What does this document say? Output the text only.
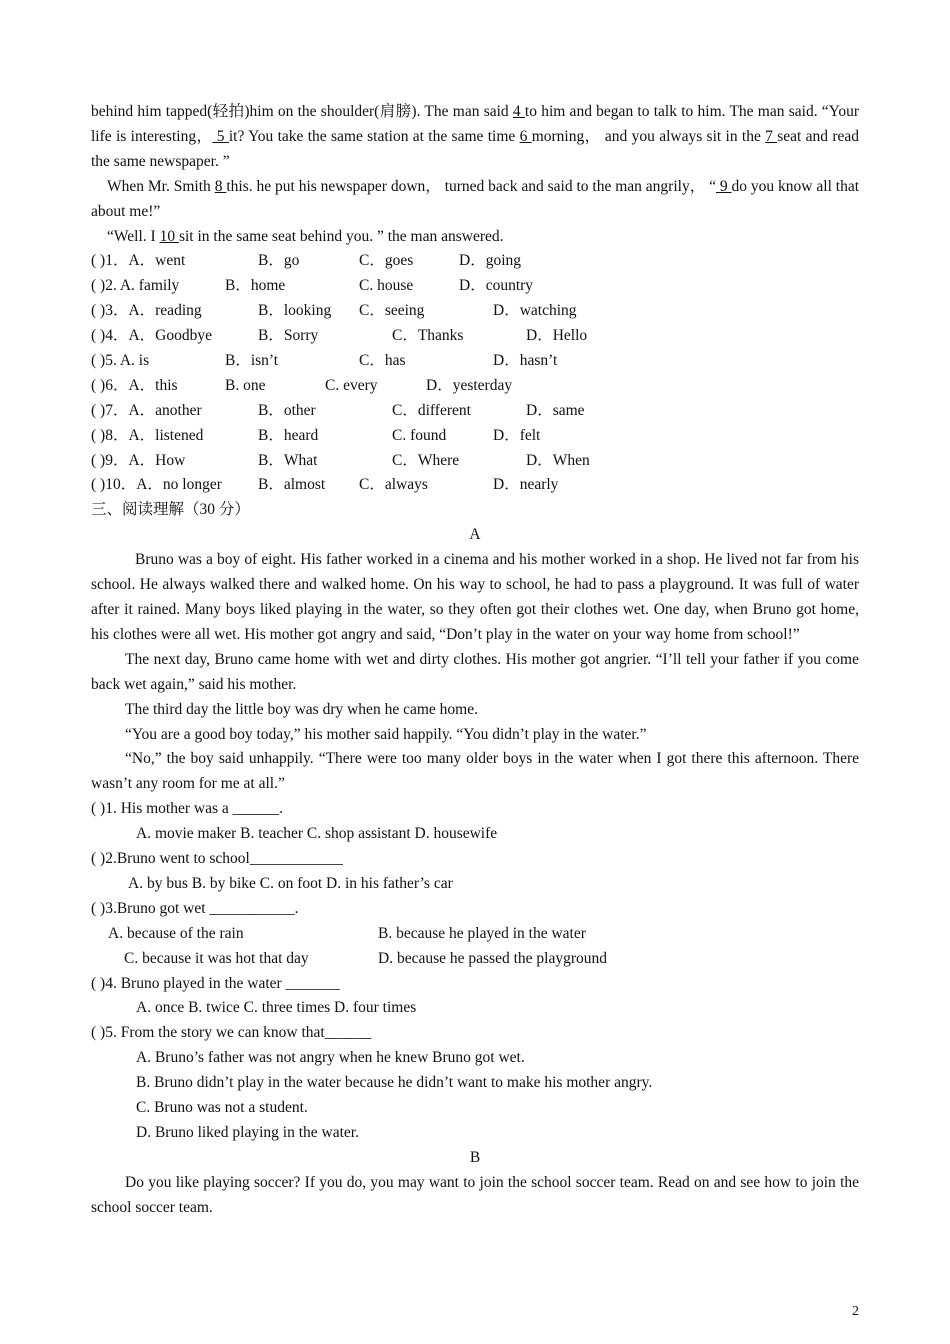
behind him tapped(轻拍)him on the shoulder(肩膀). The man said 4 to him and began to talk to him. The man said. “Your life is interesting， 5 it? You take the same station at the same time 6 morning， and you always sit in the 7 seat and read the same newspaper. ”

When Mr. Smith 8 this. he put his newspaper down， turned back and said to the man angrily， “ 9 do you know all that about me!”

“Well. I 10 sit in the same seat behind you. ” the man answered.

( )1．A．went	B．go	C．goes	D．going
( )2. A. family	B．home	C. house	D．country
( )3．A．reading	B．looking C．seeing	D．watching
( )4．A．Goodbye	B．Sorry	C．Thanks	D．Hello
( )5. A. is	B．isn’t	C．has	D．hasn’t
( )6．A．this	B. one	C. every	D．yesterday
( )7．A．another	B．other	C．different	D．same
( )8．A．listened	B．heard	C. found	D．felt
( )9．A．How	B．What	C．Where	D．When
( )10．A．no longer B．almost C．always	D．nearly

三、阅读理解（30 分）

A

Bruno was a boy of eight. His father worked in a cinema and his mother worked in a shop. He lived not far from his school. He always walked there and walked home. On his way to school, he had to pass a playground. It was full of water after it rained. Many boys liked playing in the water, so they often got their clothes wet. One day, when Bruno got home, his clothes were all wet. His mother got angry and said, “Don’t play in the water on your way home from school!”

The next day, Bruno came home with wet and dirty clothes. His mother got angrier. “I’ll tell your father if you come back wet again,” said his mother.

The third day the little boy was dry when he came home.

“You are a good boy today,” his mother said happily. “You didn’t play in the water.”

“No,” the boy said unhappily. “There were too many older boys in the water when I got there this afternoon. There wasn’t any room for me at all.”

( )1. His mother was a ______.

A. movie maker B. teacher C. shop assistant D. housewife

( )2.Bruno went to school____________

A. by bus B. by bike C. on foot D. in his father’s car

( )3.Bruno got wet ___________.

A. because of the rain	B. because he played in the water
C. because it was hot that day	D. because he passed the playground

( )4. Bruno played in the water _______

A. once B. twice C. three times D. four times

( )5. From the story we can know that______

A. Bruno’s father was not angry when he knew Bruno got wet.

B. Bruno didn’t play in the water because he didn’t want to make his mother angry.

C. Bruno was not a student.

D. Bruno liked playing in the water.

B

Do you like playing soccer? If you do, you may want to join the school soccer team. Read on and see how to join the school soccer team.

2
